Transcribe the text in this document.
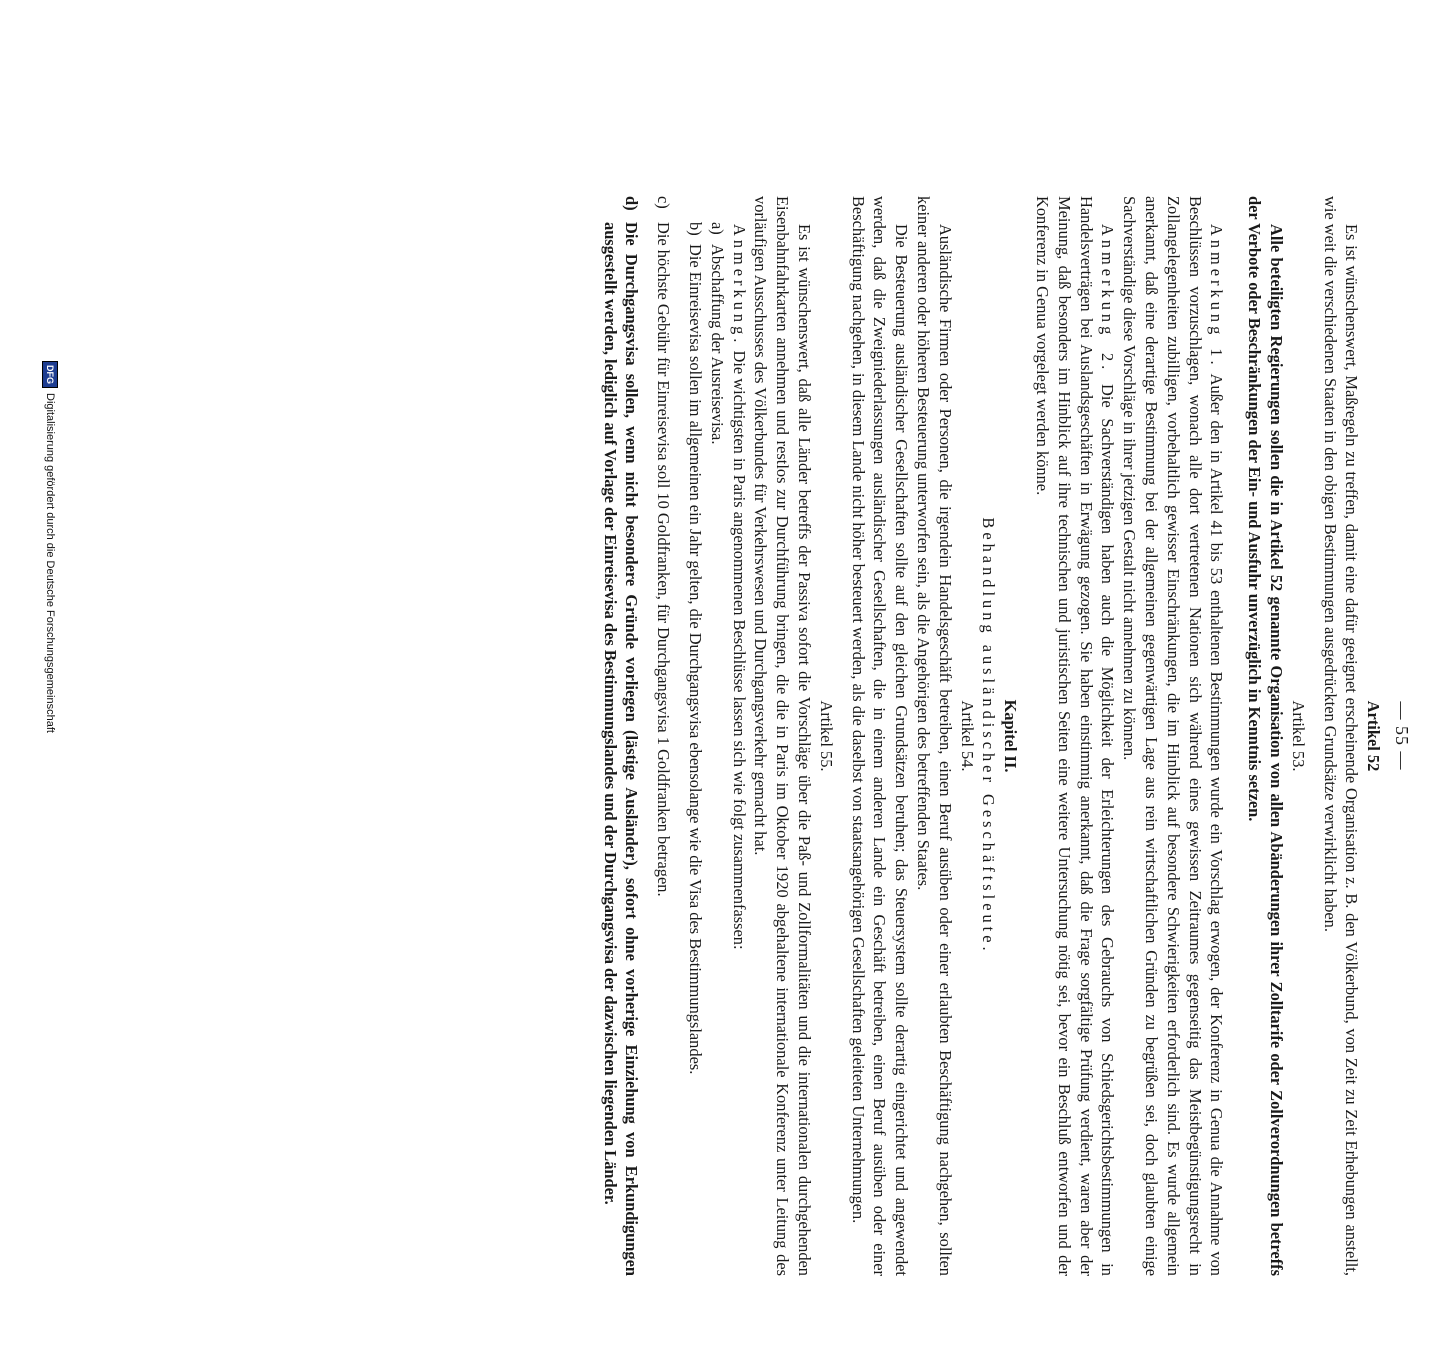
— 55 —
Artikel 52

Es ist wünschenswert, Maßregeln zu treffen, damit eine dafür geeignet erscheinende Organisation z. B. den Völkerbund, von Zeit zu Zeit Erhebungen anstellt, wie weit die verschiedenen Staaten in den obigen Bestimmungen ausgedrückten Grundsätze verwirklicht haben.

Artikel 53.

Alle beteiligten Regierungen sollen die in Artikel 52 genannte Organisation von allen Abänderungen ihrer Zolltarife oder Zollverordnungen betreffs der Verbote oder Beschränkungen der Ein- und Ausfuhr unverzüglich in Kenntnis setzen.

Anmerkung 1. Außer den in Artikel 41 bis 53 enthaltenen Bestimmungen wurde ein Vorschlag erwogen, der Konferenz in Genua die Annahme von Beschlüssen vorzuschlagen, wonach alle dort vertretenen Nationen sich während eines gewissen Zeitraumes gegenseitig das Meistbegünstigungsrecht in Zollangelegenheiten zubilligen, vorbehaltlich gewisser Einschränkungen, die im Hinblick auf besondere Schwierigkeiten erforderlich sind. Es wurde allgemein anerkannt, daß eine derartige Bestimmung bei der allgemeinen gegenwärtigen Lage aus rein wirtschaftlichen Gründen zu begrüßen sei, doch glaubten einige Sachverständige diese Vorschläge in ihrer jetzigen Gestalt nicht annehmen zu können.

Anmerkung 2. Die Sachverständigen haben auch die Möglichkeit der Erleichterungen des Gebrauchs von Schiedsgerichtsbestimmungen in Handelsverträgen bei Auslandsgeschäften in Erwägung gezogen. Sie haben einstimmig anerkannt, daß die Frage sorgfältige Prüfung verdient, waren aber der Meinung, daß besonders im Hinblick auf ihre technischen und juristischen Seiten eine weitere Untersuchung nötig sei, bevor ein Beschluß entworfen und der Konferenz in Genua vorgelegt werden könne.

Kapitel II.
Behandlung ausländischer Geschäftsleute.
Artikel 54.

Ausländische Firmen oder Personen, die irgendein Handelsgeschäft betreiben, einen Beruf ausüben oder einer erlaubten Beschäftigung nachgehen, sollten keiner anderen oder höheren Besteuerung unterworfen sein, als die Angehörigen des betreffenden Staates.

Die Besteuerung ausländischer Gesellschaften sollte auf den gleichen Grundsätzen beruhen; das Steuersystem sollte derartig eingerichtet und angewendet werden, daß die Zweigniederlassungen ausländischer Gesellschaften, die in einem anderen Lande ein Geschäft betreiben, einen Beruf ausüben oder einer Beschäftigung nachgehen, in diesem Lande nicht höher besteuert werden, als die daselbst von staatsangehörigen Gesellschaften geleiteten Unternehmungen.

Artikel 55.

Es ist wünschenswert, daß alle Länder betreffs der Passiva sofort die Vorschläge über die Paß- und Zollformalitäten und die internationalen durchgehenden Eisenbahnfahrkarten annehmen und restlos zur Durchführung bringen, die die in Paris im Oktober 1920 abgehaltene internationale Konferenz unter Leitung des vorläufigen Ausschusses des Völkerbundes für Verkehrswesen und Durchgangsverkehr gemacht hat.

Anmerkung. Die wichtigsten in Paris angenommenen Beschlüsse lassen sich wie folgt zusammenfassen:

a)
Abschaffung der Ausreisevisa.
b)
Die Einreisevisa sollen im allgemeinen ein Jahr gelten, die Durchgangsvisa ebensolange wie die Visa des Bestimmungslandes.
c)
Die höchste Gebühr für Einreisevisa soll 10 Goldfranken, für Durchgangsvisa 1 Goldfranken betragen.
d)
Die Durchgangsvisa sollen, wenn nicht besondere Gründe vorliegen (lästige Ausländer), sofort ohne vorherige Einziehung von Erkundigungen ausgestellt werden, lediglich auf Vorlage der Einreisevisa des Bestimmungslandes und der Durchgangsvisa der dazwischen liegenden Länder.
DFG
Digitalisierung gefördert durch die Deutsche Forschungsgemeinschaft
